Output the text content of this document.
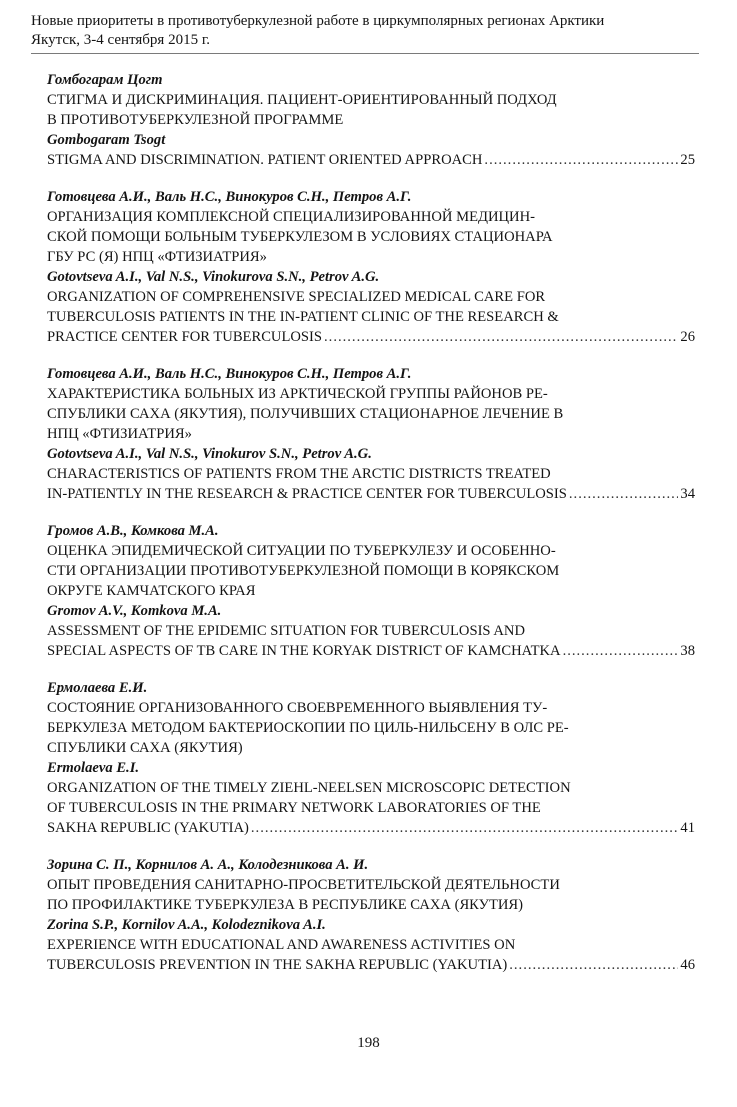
Новые приоритеты в противотуберкулезной работе в циркумполярных регионах Арктики
Якутск, 3-4 сентября 2015 г.
Гомбогарам Цогт
СТИГМА И ДИСКРИМИНАЦИЯ. ПАЦИЕНТ-ОРИЕНТИРОВАННЫЙ ПОДХОД
В ПРОТИВОТУБЕРКУЛЕЗНОЙ ПРОГРАММЕ
Gombogaram Tsogt
STIGMA AND DISCRIMINATION. PATIENT ORIENTED APPROACH .....	25
Готовцева А.И., Валь Н.С., Винокуров С.Н., Петров А.Г.
ОРГАНИЗАЦИЯ КОМПЛЕКСНОЙ СПЕЦИАЛИЗИРОВАННОЙ МЕДИЦИН-
СКОЙ ПОМОЩИ БОЛЬНЫМ ТУБЕРКУЛЕЗОМ В УСЛОВИЯХ СТАЦИОНАРА
ГБУ РС (Я) НПЦ «ФТИЗИАТРИЯ»
Gotovtseva A.I., Val N.S., Vinokurova S.N., Petrov A.G.
ORGANIZATION OF COMPREHENSIVE SPECIALIZED MEDICAL CARE FOR
TUBERCULOSIS PATIENTS IN THE IN-PATIENT CLINIC OF THE RESEARCH &
PRACTICE CENTER FOR TUBERCULOSIS .....	26
Готовцева А.И., Валь Н.С., Винокуров С.Н., Петров А.Г.
ХАРАКТЕРИСТИКА БОЛЬНЫХ ИЗ АРКТИЧЕСКОЙ ГРУППЫ РАЙОНОВ РЕ-
СПУБЛИКИ САХА (ЯКУТИЯ), ПОЛУЧИВШИХ СТАЦИОНАРНОЕ ЛЕЧЕНИЕ В
НПЦ «ФТИЗИАТРИЯ»
Gotovtseva A.I., Val N.S., Vinokurov S.N., Petrov A.G.
CHARACTERISTICS OF PATIENTS FROM THE ARCTIC DISTRICTS TREATED
IN-PATIENTLY IN THE RESEARCH & PRACTICE CENTER FOR TUBERCULOSIS .....	34
Громов А.В., Комкова М.А.
ОЦЕНКА ЭПИДЕМИЧЕСКОЙ СИТУАЦИИ ПО ТУБЕРКУЛЕЗУ И ОСОБЕННО-
СТИ ОРГАНИЗАЦИИ ПРОТИВОТУБЕРКУЛЕЗНОЙ ПОМОЩИ В КОРЯКСКОМ
ОКРУГЕ КАМЧАТСКОГО КРАЯ
Gromov A.V., Komkova M.A.
ASSESSMENT OF THE EPIDEMIC SITUATION FOR TUBERCULOSIS AND
SPECIAL ASPECTS OF TB CARE IN THE KORYAK DISTRICT OF KAMCHATKA .....	38
Ермолаева Е.И.
СОСТОЯНИЕ ОРГАНИЗОВАННОГО СВОЕВРЕМЕННОГО ВЫЯВЛЕНИЯ ТУ-
БЕРКУЛЕЗА МЕТОДОМ БАКТЕРИОСКОПИИ ПО ЦИЛЬ-НИЛЬСЕНУ В ОЛС РЕ-
СПУБЛИКИ САХА (ЯКУТИЯ)
Ermolaeva E.I.
ORGANIZATION OF THE TIMELY ZIEHL-NEELSEN MICROSCOPIC DETECTION
OF TUBERCULOSIS IN THE PRIMARY NETWORK LABORATORIES OF THE
SAKHA REPUBLIC (YAKUTIA) .....	41
Зорина С. П., Корнилов А. А., Колодезникова А. И.
ОПЫТ ПРОВЕДЕНИЯ САНИТАРНО-ПРОСВЕТИТЕЛЬСКОЙ ДЕЯТЕЛЬНОСТИ
ПО ПРОФИЛАКТИКЕ ТУБЕРКУЛЕЗА В РЕСПУБЛИКЕ САХА (ЯКУТИЯ)
Zorina S.P., Kornilov A.A., Kolodeznikova A.I.
EXPERIENCE WITH EDUCATIONAL AND AWARENESS ACTIVITIES ON
TUBERCULOSIS PREVENTION IN THE SAKHA REPUBLIC (YAKUTIA) .....	46
198
